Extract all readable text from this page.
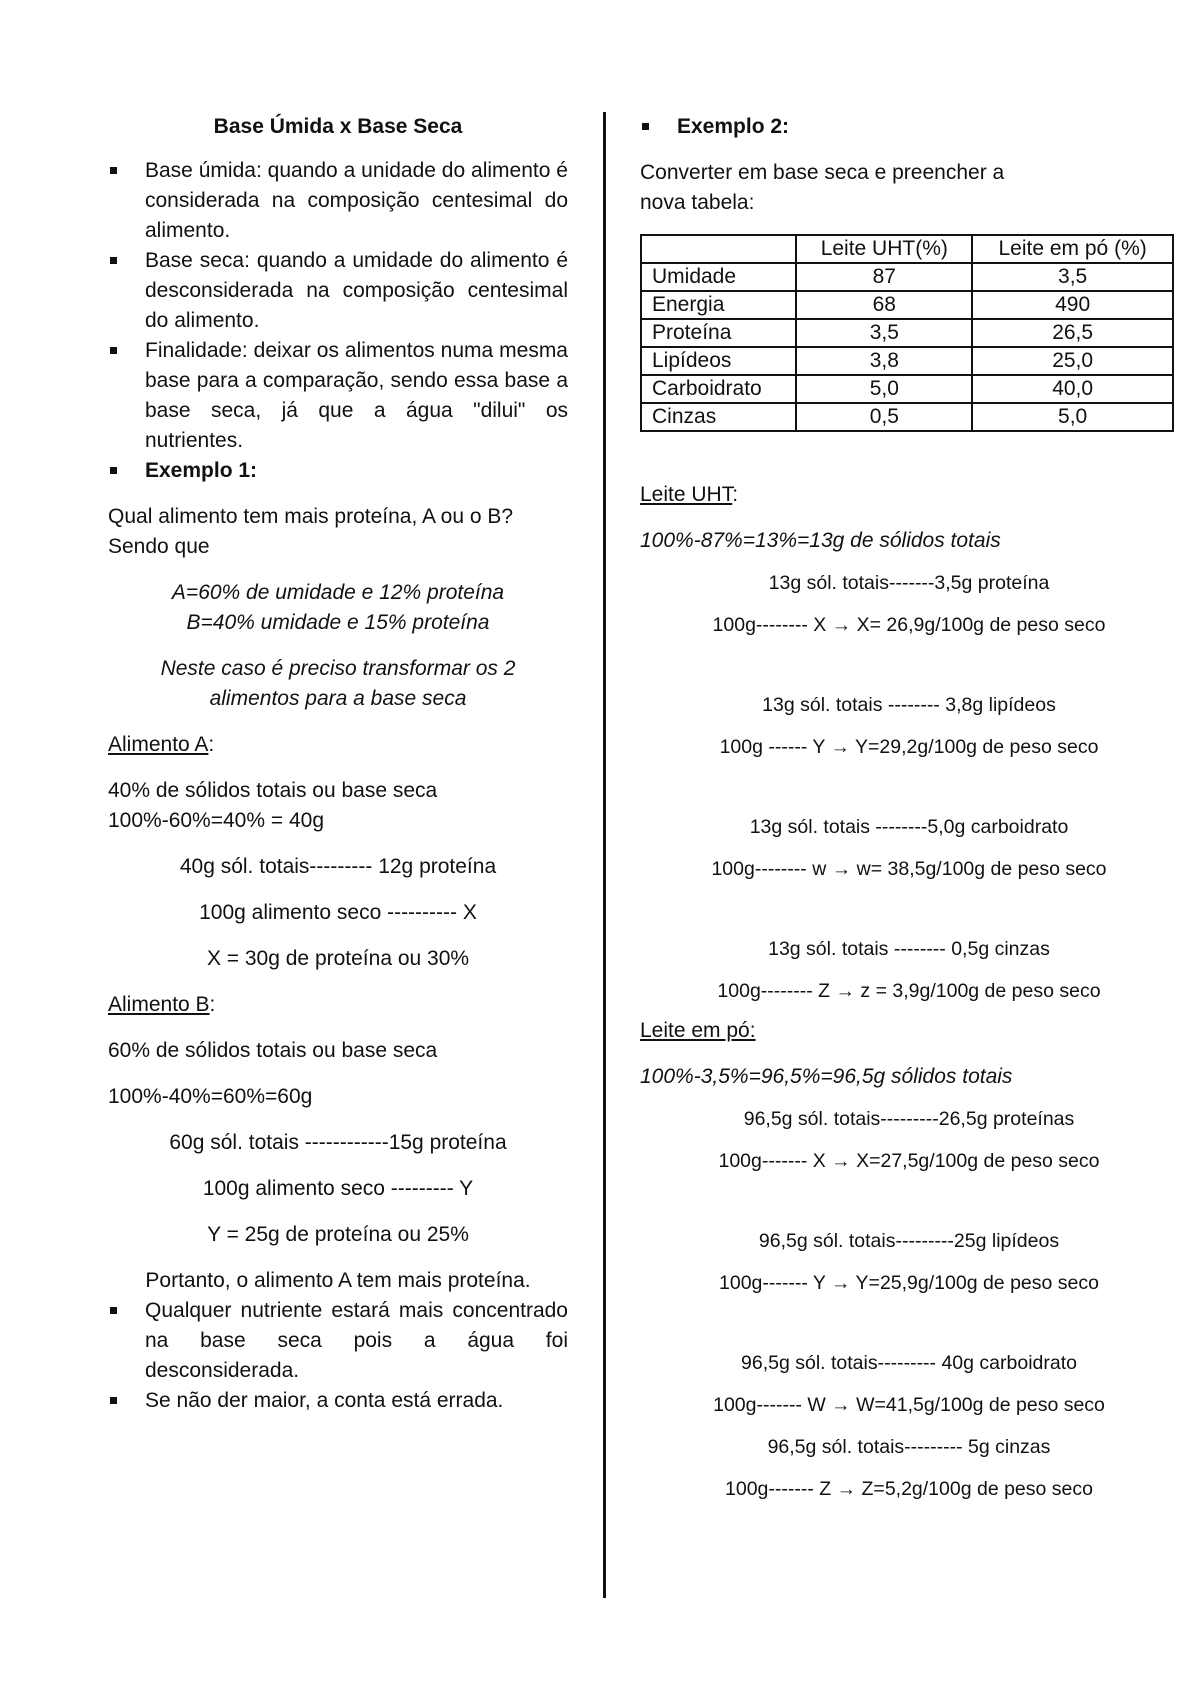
Base Úmida x Base Seca

Base úmida: quando a unidade do alimento é considerada na composição centesimal do alimento.
Base seca: quando a umidade do alimento é desconsiderada na composição centesimal do alimento.
Finalidade: deixar os alimentos numa mesma base para a comparação, sendo essa base a base seca, já que a água "dilui" os nutrientes.
Exemplo 1:

Qual alimento tem mais proteína, A ou o B? Sendo que

A=60% de umidade e 12% proteína

B=40% umidade e 15% proteína

Neste caso é preciso transformar os 2

alimentos para a base seca

Alimento A:

40% de sólidos totais ou base seca

100%-60%=40% = 40g

40g sól. totais--------- 12g proteína

100g alimento seco ---------- X

X = 30g de proteína ou 30%

Alimento B:

60% de sólidos totais ou base seca

100%-40%=60%=60g

60g sól. totais ------------15g proteína

100g alimento seco --------- Y

Y = 25g de proteína ou 25%

Portanto, o alimento A tem mais proteína.

Qualquer nutriente estará mais concentrado na base seca pois a água foi desconsiderada.
Se não der maior, a conta está errada.
Exemplo 2:

Converter em base seca e preencher a

nova tabela:

	Leite UHT(%)	Leite em pó (%)
Umidade	87	3,5
Energia	68	490
Proteína	3,5	26,5
Lipídeos	3,8	25,0
Carboidrato	5,0	40,0
Cinzas	0,5	5,0

Leite UHT:

100%-87%=13%=13g de sólidos totais

13g sól. totais-------3,5g proteína

100g-------- X → X= 26,9g/100g de peso seco

13g sól. totais -------- 3,8g lipídeos

100g ------ Y → Y=29,2g/100g de peso seco

13g sól. totais --------5,0g carboidrato

100g-------- w → w= 38,5g/100g de peso seco

13g sól. totais -------- 0,5g cinzas

100g-------- Z → z = 3,9g/100g de peso seco

Leite em pó:

100%-3,5%=96,5%=96,5g sólidos totais

96,5g sól. totais---------26,5g proteínas

100g------- X → X=27,5g/100g de peso seco

96,5g sól. totais---------25g lipídeos

100g------- Y → Y=25,9g/100g de peso seco

96,5g sól. totais--------- 40g carboidrato

100g------- W → W=41,5g/100g de peso seco

96,5g sól. totais--------- 5g cinzas

100g------- Z → Z=5,2g/100g de peso seco
